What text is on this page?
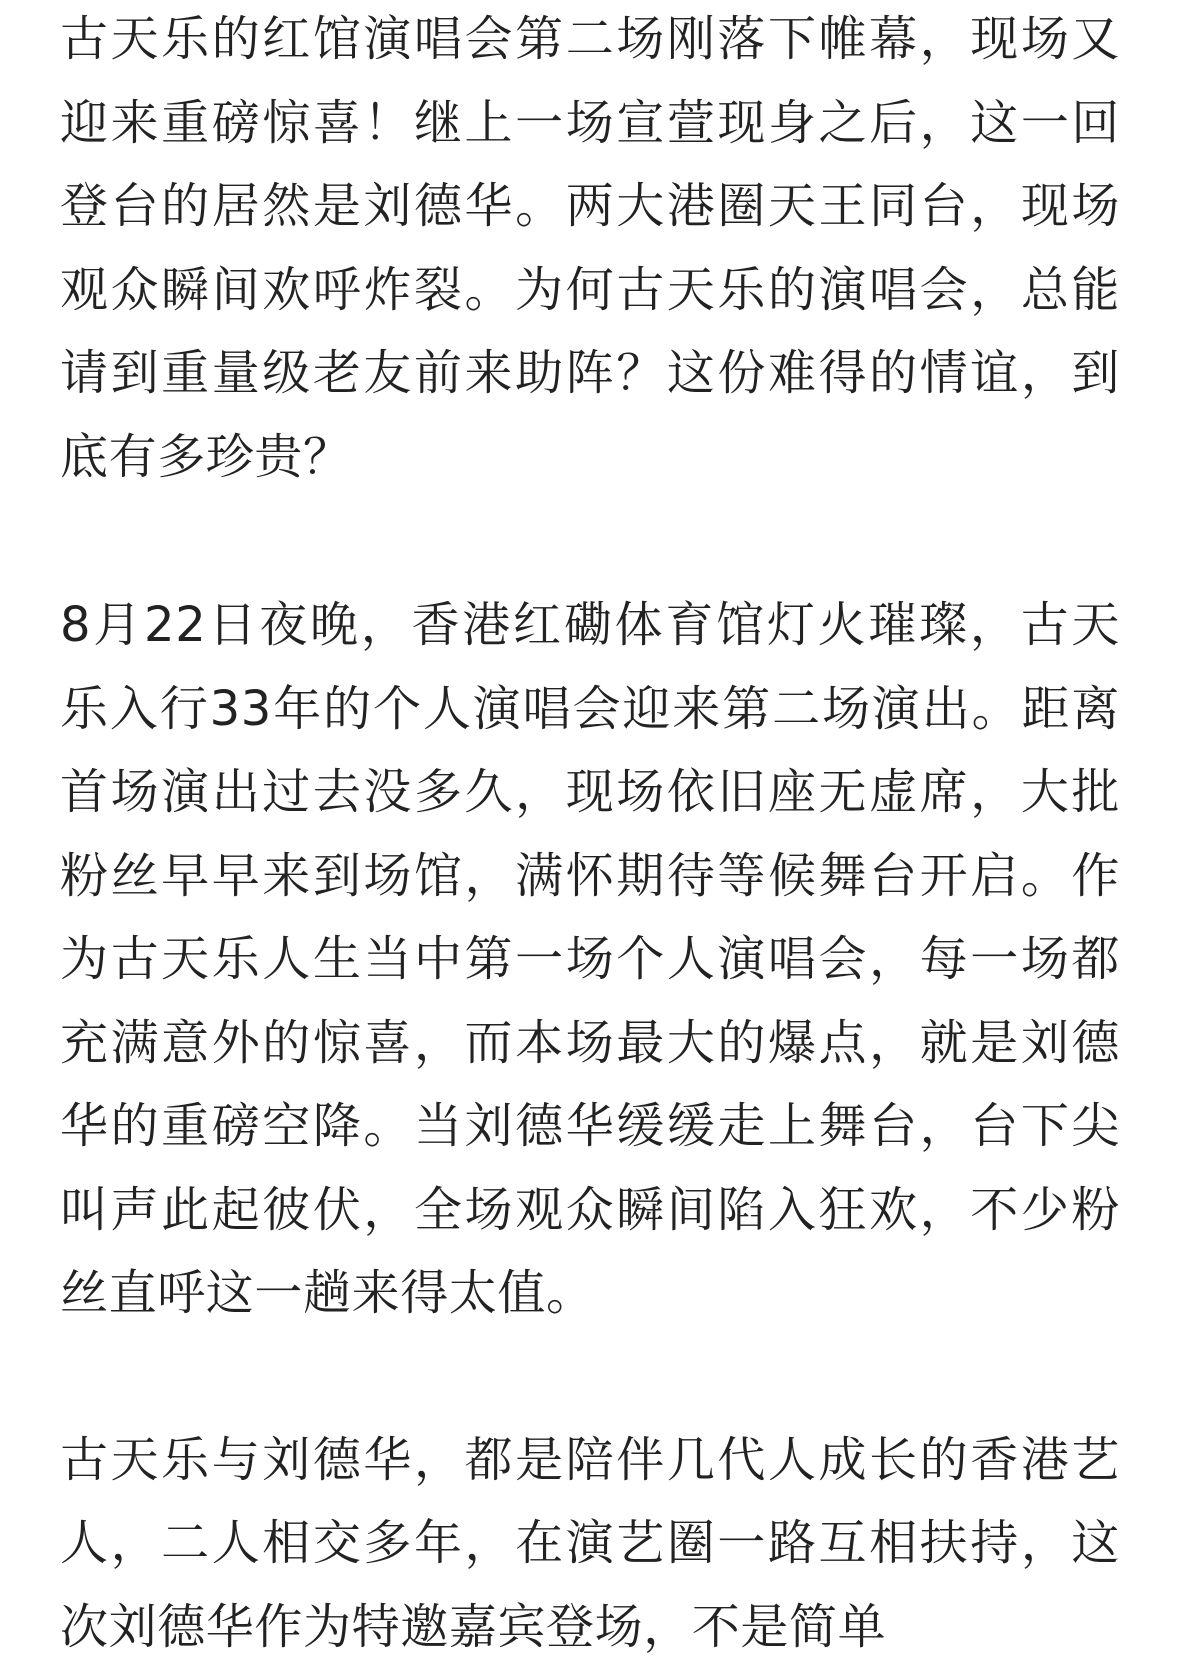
古天乐的红馆演唱会第二场刚落下帷幕，现场又迎来重磅惊喜！继上一场宣萱现身之后，这一回登台的居然是刘德华。两大港圈天王同台，现场观众瞬间欢呼炸裂。为何古天乐的演唱会，总能请到重量级老友前来助阵？这份难得的情谊，到底有多珍贵？

8月22日夜晚，香港红磡体育馆灯火璀璨，古天乐入行33年的个人演唱会迎来第二场演出。距离首场演出过去没多久，现场依旧座无虚席，大批粉丝早早来到场馆，满怀期待等候舞台开启。作为古天乐人生当中第一场个人演唱会，每一场都充满意外的惊喜，而本场最大的爆点，就是刘德华的重磅空降。当刘德华缓缓走上舞台，台下尖叫声此起彼伏，全场观众瞬间陷入狂欢，不少粉丝直呼这一趟来得太值。

古天乐与刘德华，都是陪伴几代人成长的香港艺人，二人相交多年，在演艺圈一路互相扶持，这次刘德华作为特邀嘉宾登场，不是简单
